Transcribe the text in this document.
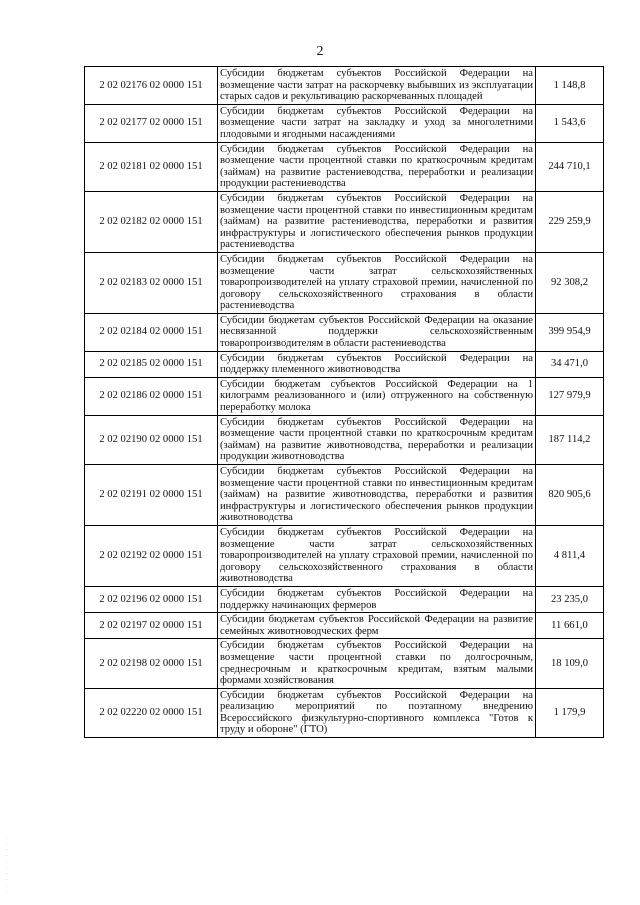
2
2 02 02176 02 0000 151	Субсидии бюджетам субъектов Российской Федерации на возмещение части затрат на раскорчевку выбывших из эксплуатации старых садов и рекультивацию раскорчеванных площадей	1 148,8
2 02 02177 02 0000 151	Субсидии бюджетам субъектов Российской Федерации на возмещение части затрат на закладку и уход за многолетними плодовыми и ягодными насаждениями	1 543,6
2 02 02181 02 0000 151	Субсидии бюджетам субъектов Российской Федерации на возмещение части процентной ставки по краткосрочным кредитам (займам) на развитие растениеводства, переработки и реализации продукции растениеводства	244 710,1
2 02 02182 02 0000 151	Субсидии бюджетам субъектов Российской Федерации на возмещение части процентной ставки по инвестиционным кредитам (займам) на развитие растениеводства, переработки и развития инфраструктуры и логистического обеспечения рынков продукции растениеводства	229 259,9
2 02 02183 02 0000 151	Субсидии бюджетам субъектов Российской Федерации на возмещение части затрат сельскохозяйственных товаропроизводителей на уплату страховой премии, начисленной по договору сельскохозяйственного страхования в области растениеводства	92 308,2
2 02 02184 02 0000 151	Субсидии бюджетам субъектов Российской Федерации на оказание несвязанной поддержки сельскохозяйственным товаропроизводителям в области растениеводства	399 954,9
2 02 02185 02 0000 151	Субсидии бюджетам субъектов Российской Федерации на поддержку племенного животноводства	34 471,0
2 02 02186 02 0000 151	Субсидии бюджетам субъектов Российской Федерации на 1 килограмм реализованного и (или) отгруженного на собственную переработку молока	127 979,9
2 02 02190 02 0000 151	Субсидии бюджетам субъектов Российской Федерации на возмещение части процентной ставки по краткосрочным кредитам (займам) на развитие животноводства, переработки и реализации продукции животноводства	187 114,2
2 02 02191 02 0000 151	Субсидии бюджетам субъектов Российской Федерации на возмещение части процентной ставки по инвестиционным кредитам (займам) на развитие животноводства, переработки и развития инфраструктуры и логистического обеспечения рынков продукции животноводства	820 905,6
2 02 02192 02 0000 151	Субсидии бюджетам субъектов Российской Федерации на возмещение части затрат сельскохозяйственных товаропроизводителей на уплату страховой премии, начисленной по договору сельскохозяйственного страхования в области животноводства	4 811,4
2 02 02196 02 0000 151	Субсидии бюджетам субъектов Российской Федерации на поддержку начинающих фермеров	23 235,0
2 02 02197 02 0000 151	Субсидии бюджетам субъектов Российской Федерации на развитие семейных животноводческих ферм	11 661,0
2 02 02198 02 0000 151	Субсидии бюджетам субъектов Российской Федерации на возмещение части процентной ставки по долгосрочным, среднесрочным и краткосрочным кредитам, взятым малыми формами хозяйствования	18 109,0
2 02 02220 02 0000 151	Субсидии бюджетам субъектов Российской Федерации на реализацию мероприятий по поэтапному внедрению Всероссийского физкультурно-спортивного комплекса "Готов к труду и обороне" (ГТО)	1 179,9
·
·
·
·
·
·
·
·
·
·
